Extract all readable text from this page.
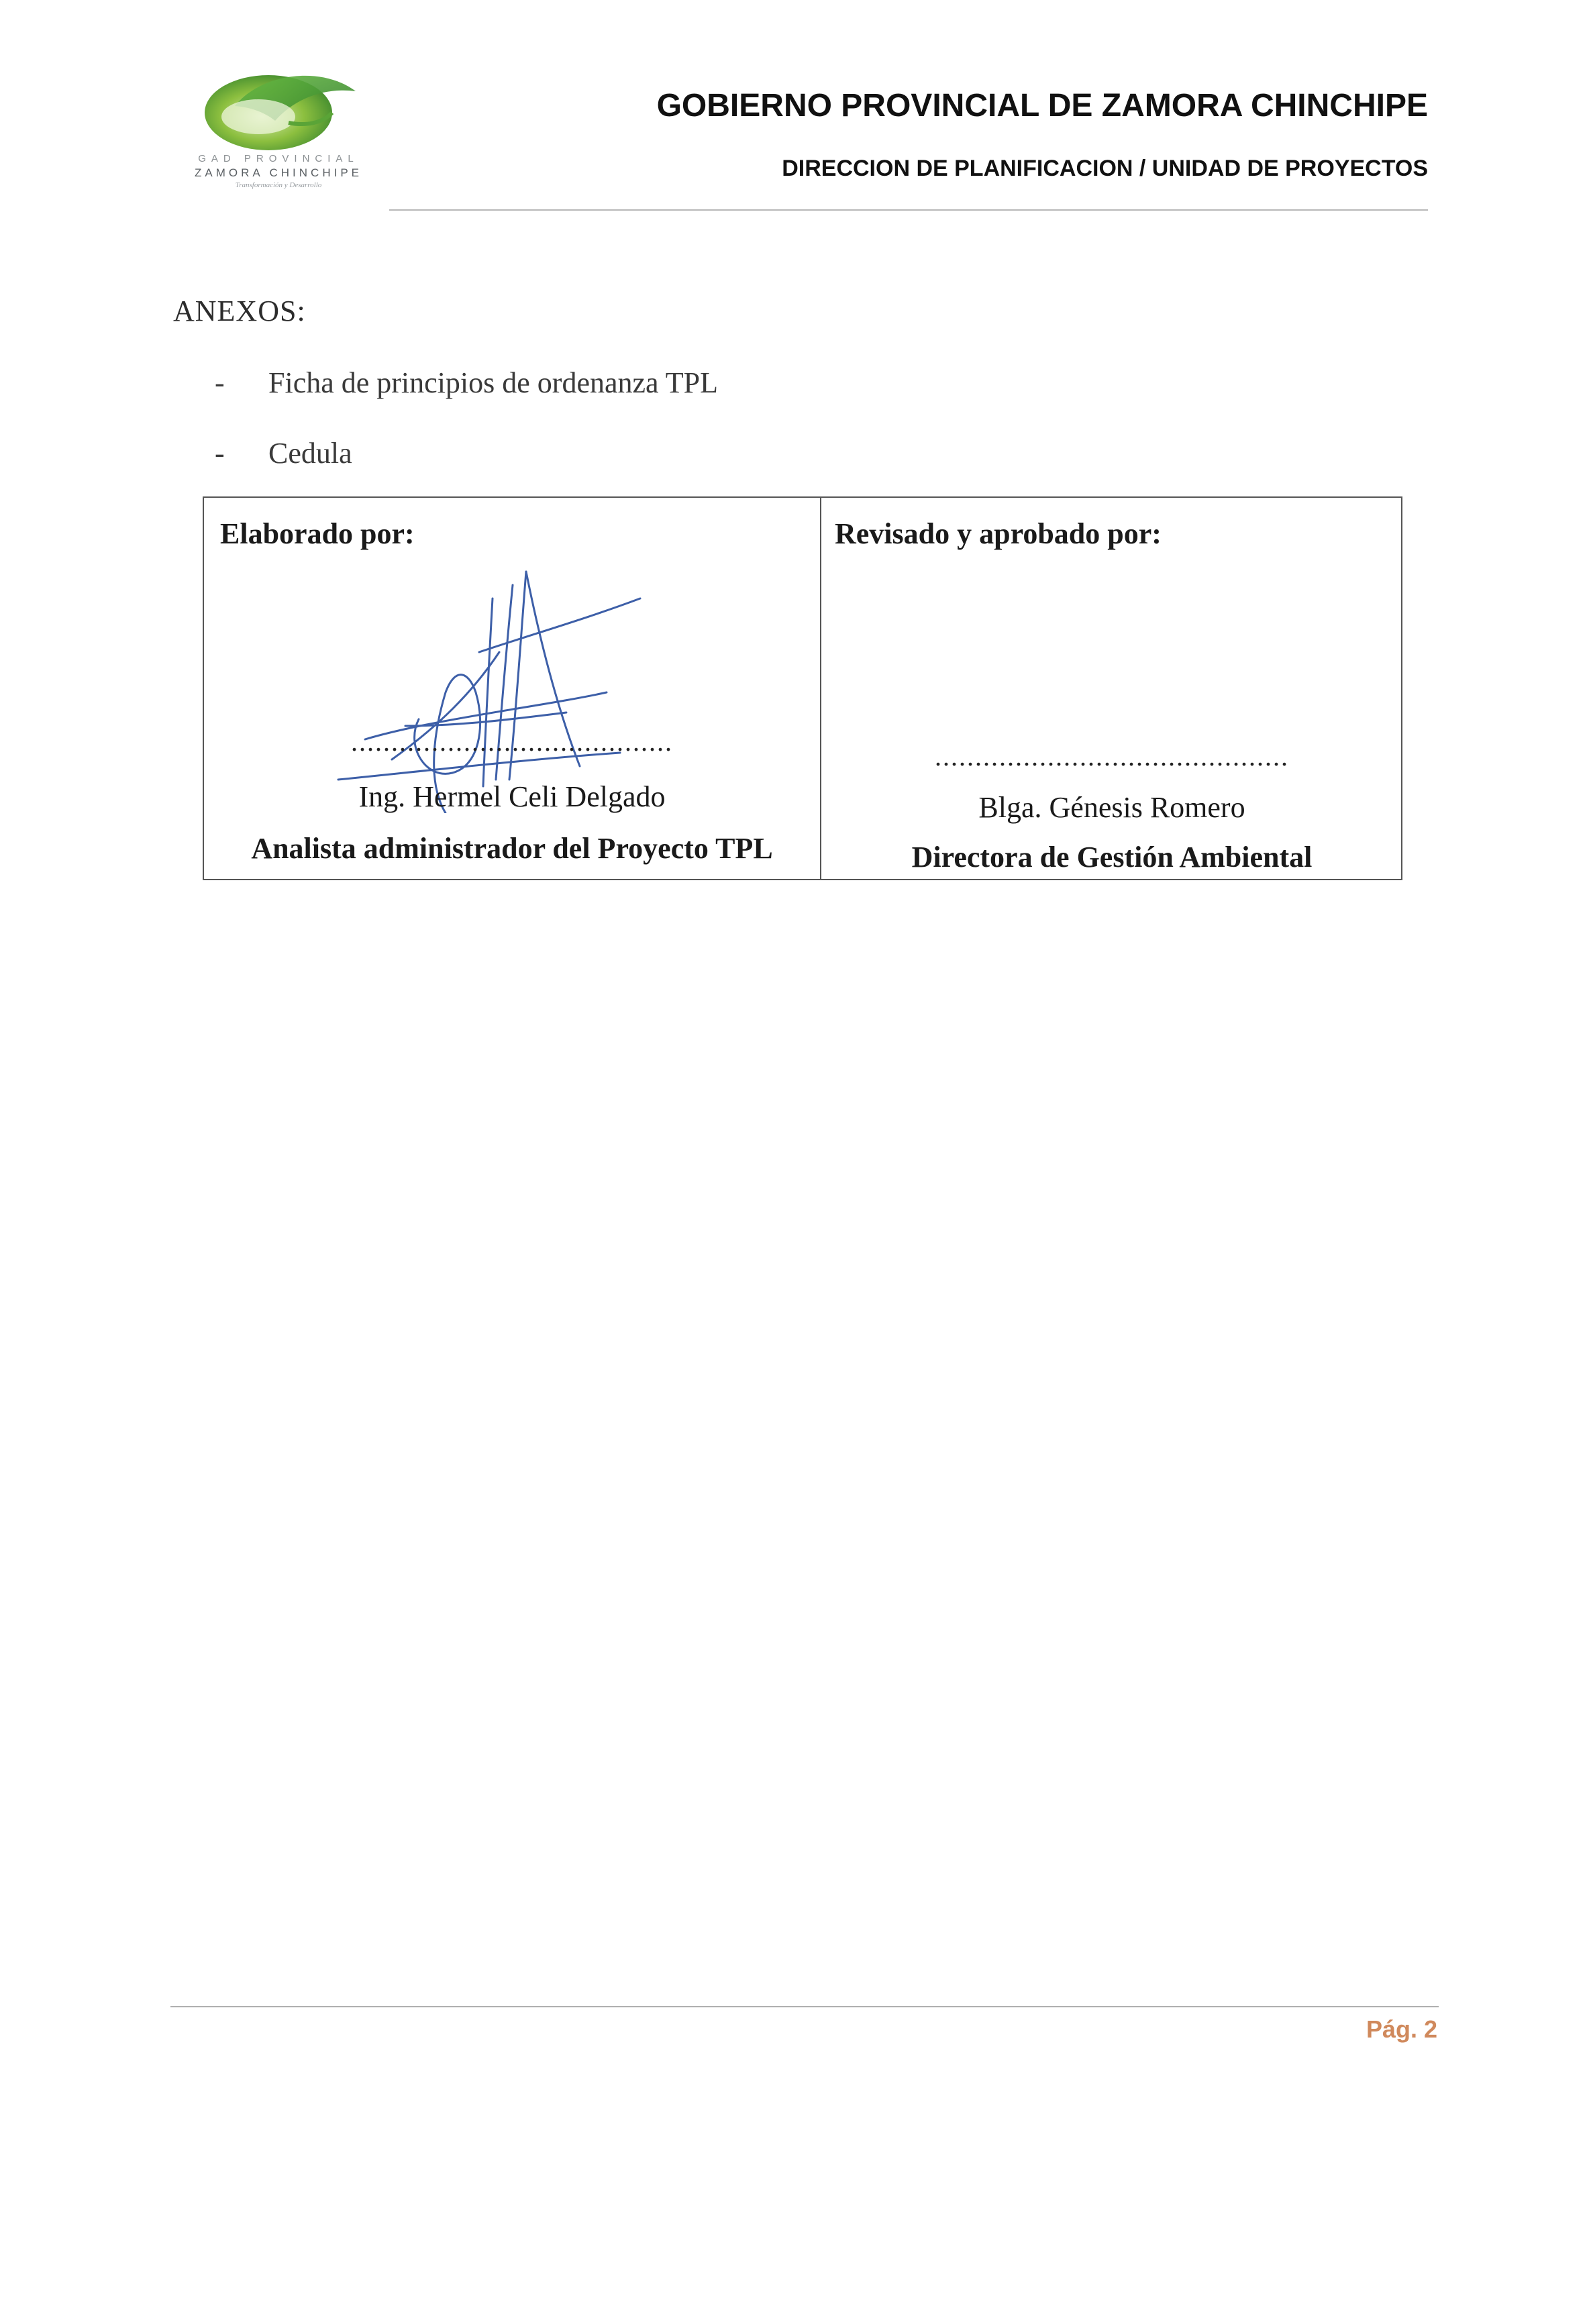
GAD PROVINCIAL
ZAMORA CHINCHIPE
Transformación y Desarrollo
GOBIERNO PROVINCIAL DE ZAMORA CHINCHIPE
DIRECCION DE PLANIFICACION / UNIDAD DE PROYECTOS
ANEXOS:
- Ficha de principios de ordenanza TPL
- Cedula
Elaborado por:
........................................
Ing. Hermel Celi Delgado
Analista administrador del Proyecto TPL
Revisado y aprobado por:
............................................
Blga. Génesis Romero
Directora de Gestión Ambiental
Pág. 2
